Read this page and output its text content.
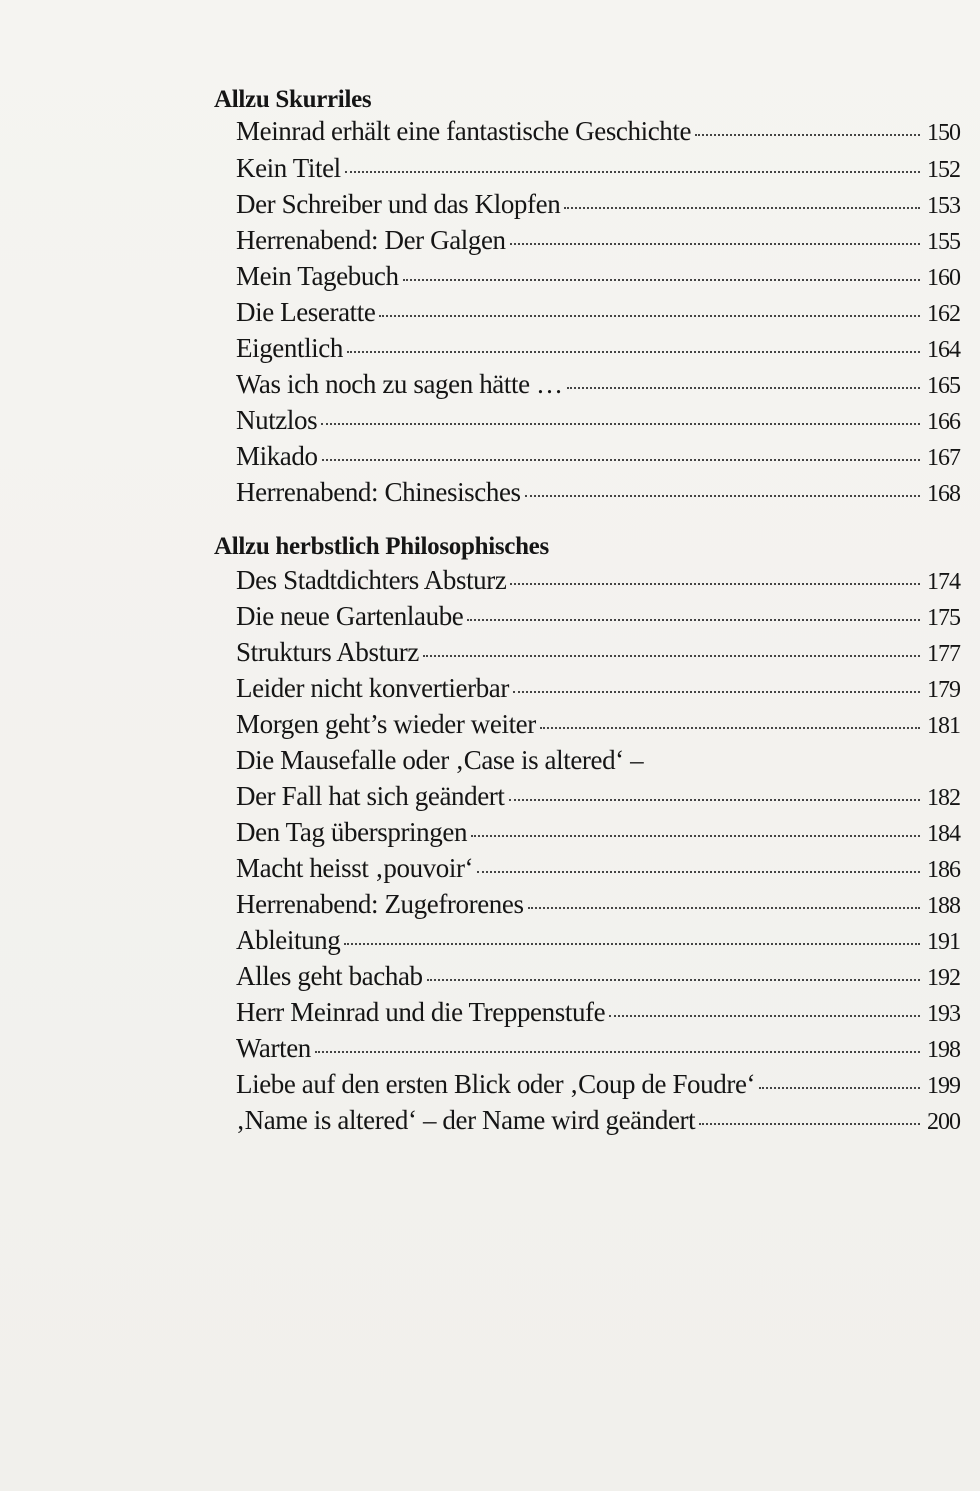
Allzu Skurriles
Meinrad erhält eine fantastische Geschichte	150
Kein Titel	152
Der Schreiber und das Klopfen	153
Herrenabend: Der Galgen	155
Mein Tagebuch	160
Die Leseratte	162
Eigentlich	164
Was ich noch zu sagen hätte …	165
Nutzlos	166
Mikado	167
Herrenabend: Chinesisches	168
Allzu herbstlich Philosophisches
Des Stadtdichters Absturz	174
Die neue Gartenlaube	175
Strukturs Absturz	177
Leider nicht konvertierbar	179
Morgen geht’s wieder weiter	181
Die Mausefalle oder ‚Case is altered‘ –
Der Fall hat sich geändert	182
Den Tag überspringen	184
Macht heisst ‚pouvoir‘	186
Herrenabend: Zugefrorenes	188
Ableitung	191
Alles geht bachab	192
Herr Meinrad und die Treppenstufe	193
Warten	198
Liebe auf den ersten Blick oder ‚Coup de Foudre‘	199
‚Name is altered‘ – der Name wird geändert	200
